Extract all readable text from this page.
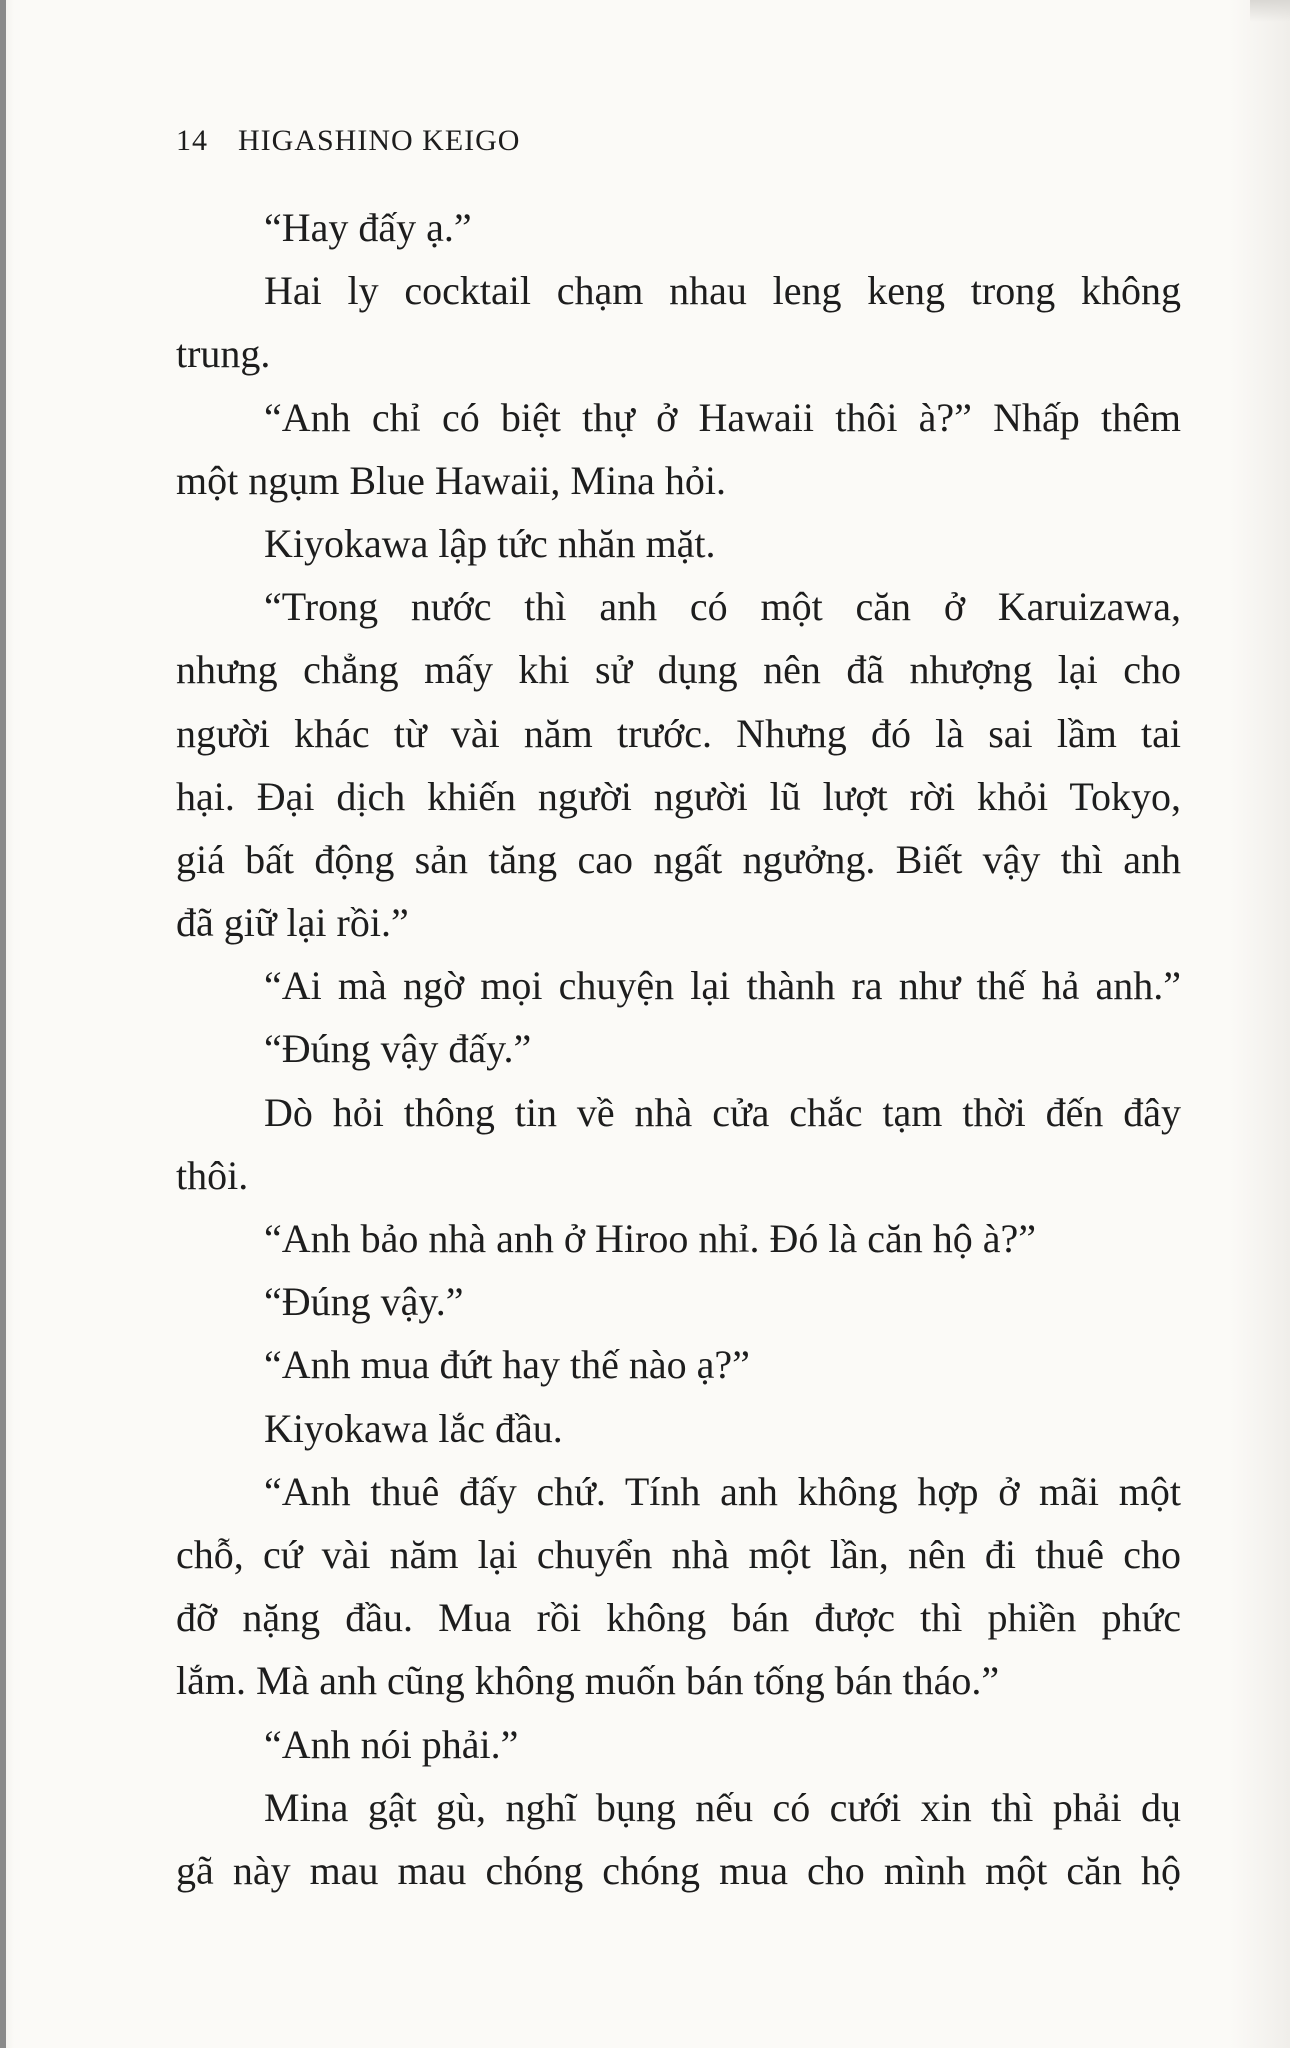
14 HIGASHINO KEIGO
“Hay đấy ạ.”
Hai ly cocktail chạm nhau leng keng trong không
trung.
“Anh chỉ có biệt thự ở Hawaii thôi à?” Nhấp thêm
một ngụm Blue Hawaii, Mina hỏi.
Kiyokawa lập tức nhăn mặt.
“Trong nước thì anh có một căn ở Karuizawa,
nhưng chẳng mấy khi sử dụng nên đã nhượng lại cho
người khác từ vài năm trước. Nhưng đó là sai lầm tai
hại. Đại dịch khiến người người lũ lượt rời khỏi Tokyo,
giá bất động sản tăng cao ngất ngưởng. Biết vậy thì anh
đã giữ lại rồi.”
“Ai mà ngờ mọi chuyện lại thành ra như thế hả anh.”
“Đúng vậy đấy.”
Dò hỏi thông tin về nhà cửa chắc tạm thời đến đây
thôi.
“Anh bảo nhà anh ở Hiroo nhỉ. Đó là căn hộ à?”
“Đúng vậy.”
“Anh mua đứt hay thế nào ạ?”
Kiyokawa lắc đầu.
“Anh thuê đấy chứ. Tính anh không hợp ở mãi một
chỗ, cứ vài năm lại chuyển nhà một lần, nên đi thuê cho
đỡ nặng đầu. Mua rồi không bán được thì phiền phức
lắm. Mà anh cũng không muốn bán tống bán tháo.”
“Anh nói phải.”
Mina gật gù, nghĩ bụng nếu có cưới xin thì phải dụ
gã này mau mau chóng chóng mua cho mình một căn hộ
